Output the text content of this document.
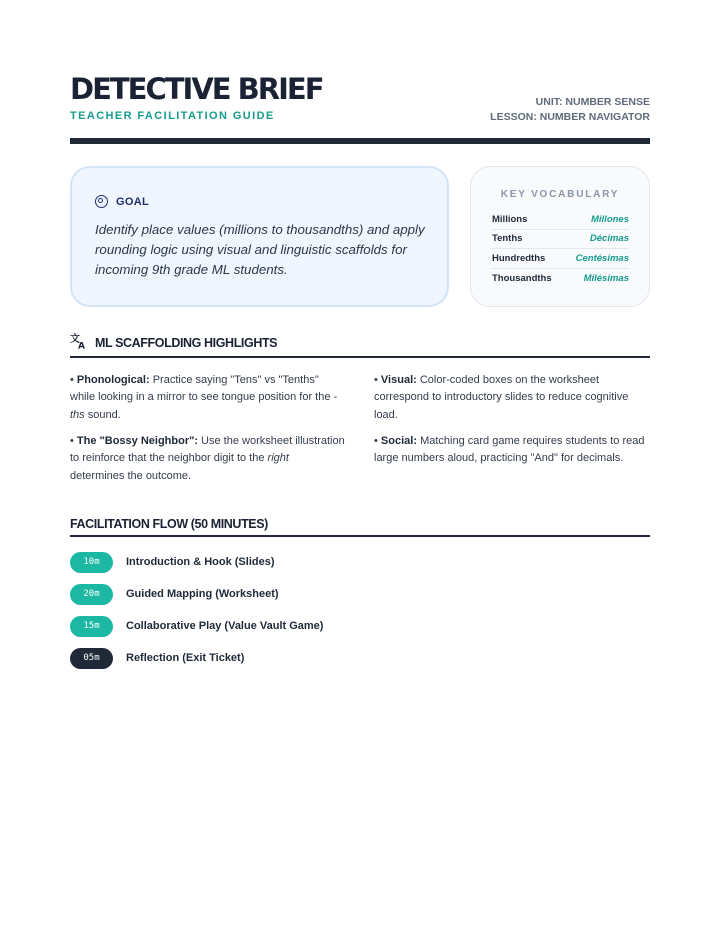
DETECTIVE BRIEF
TEACHER FACILITATION GUIDE
UNIT: NUMBER SENSE
LESSON: NUMBER NAVIGATOR
GOAL
Identify place values (millions to thousandths) and apply rounding logic using visual and linguistic scaffolds for incoming 9th grade ML students.
KEY VOCABULARY
Millions	Millones
Tenths	Décimas
Hundredths	Centésimas
Thousandths	Milésimas
文
A ML SCAFFOLDING HIGHLIGHTS
• Phonological: Practice saying "Tens" vs "Tenths" while looking in a mirror to see tongue position for the -ths sound.
• Visual: Color-coded boxes on the worksheet correspond to introductory slides to reduce cognitive load.
• The "Bossy Neighbor": Use the worksheet illustration to reinforce that the neighbor digit to the right determines the outcome.
• Social: Matching card game requires students to read large numbers aloud, practicing "And" for decimals.
FACILITATION FLOW (50 MINUTES)
10m	Introduction & Hook (Slides)
20m	Guided Mapping (Worksheet)
15m	Collaborative Play (Value Vault Game)
05m	Reflection (Exit Ticket)
